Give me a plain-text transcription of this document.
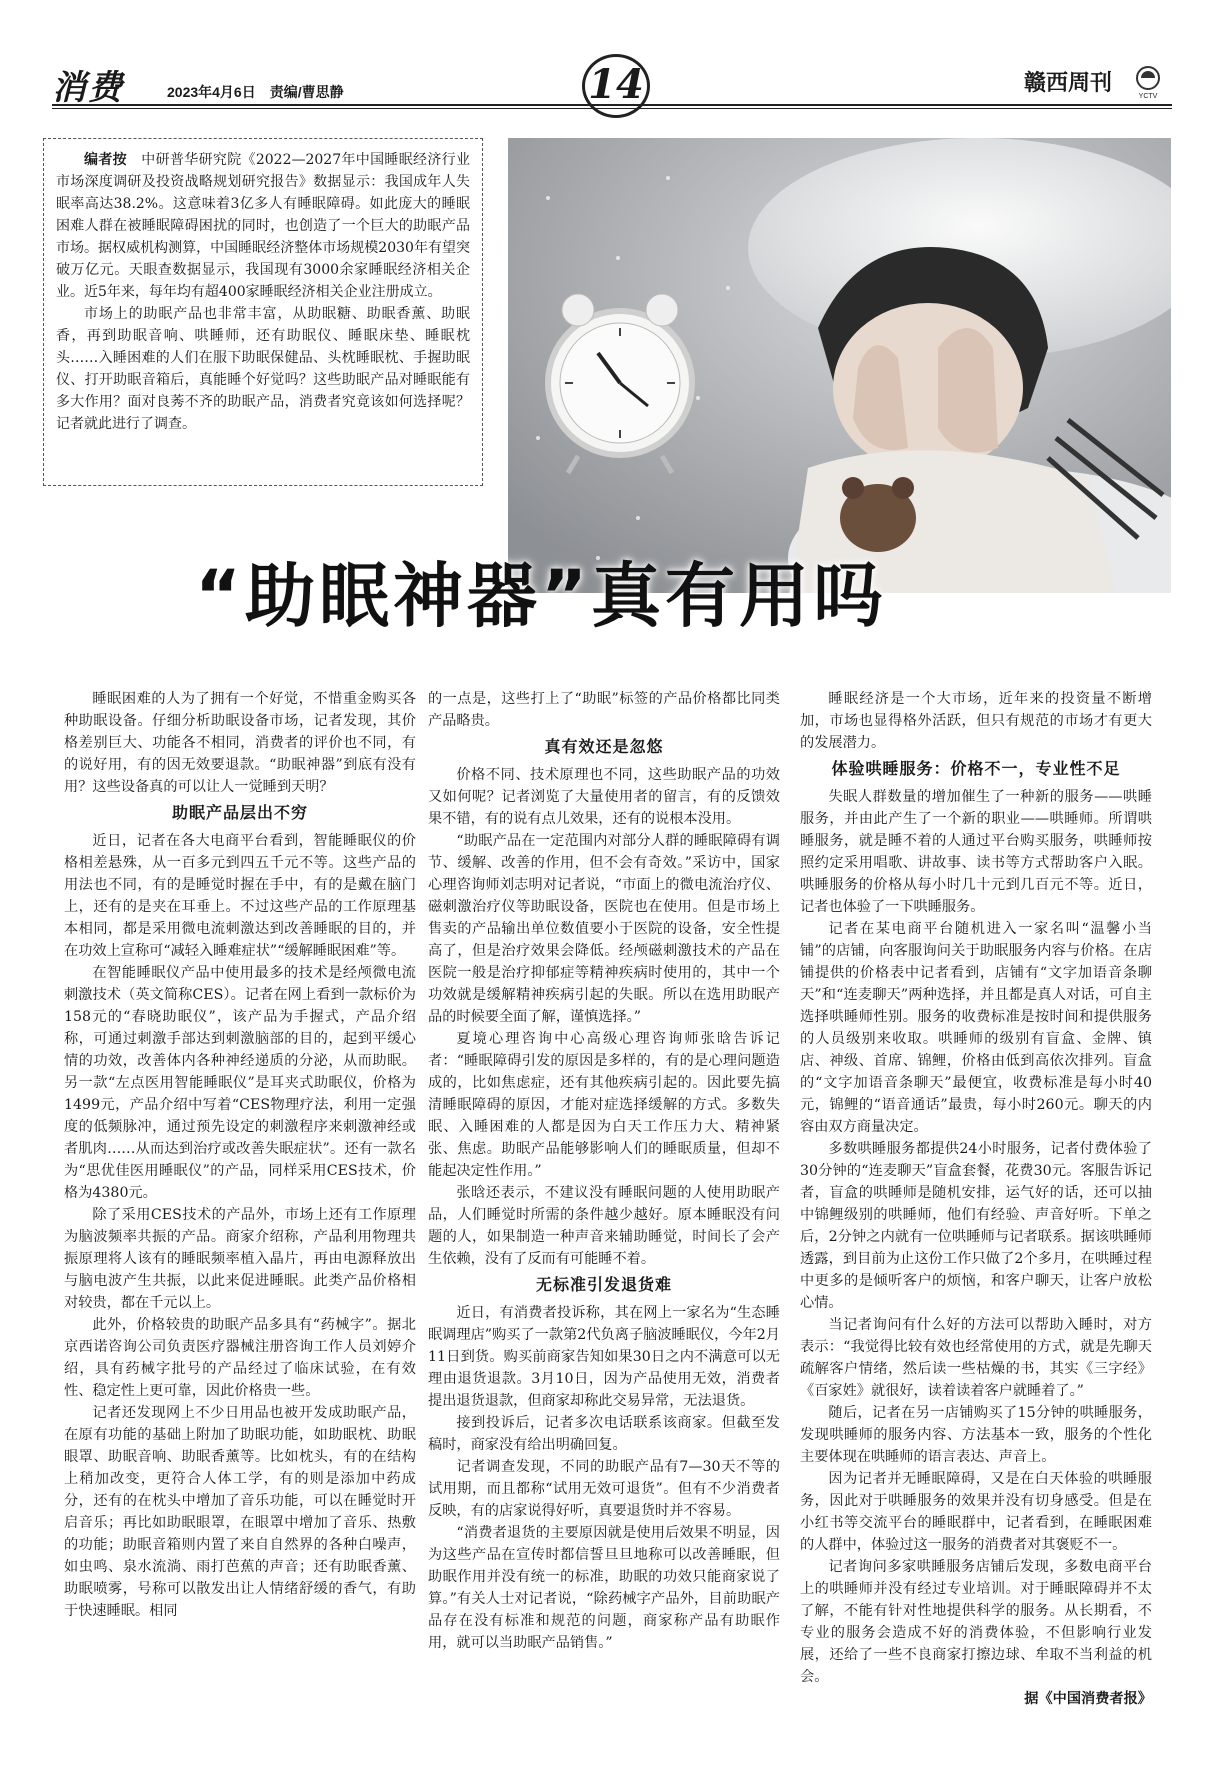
消费	2023年4月6日　责编/曹思静	14	赣西周刊
YCTV

编者按　 中研普华研究院《2022—2027年中国睡眠经济行业市场深度调研及投资战略规划研究报告》数据显示：我国成年人失眠率高达38.2%。这意味着3亿多人有睡眠障碍。如此庞大的睡眠困难人群在被睡眠障碍困扰的同时，也创造了一个巨大的助眠产品市场。据权威机构测算，中国睡眠经济整体市场规模2030年有望突破万亿元。天眼查数据显示，我国现有3000余家睡眠经济相关企业。近5年来，每年均有超400家睡眠经济相关企业注册成立。

市场上的助眠产品也非常丰富，从助眠糖、助眠香薰、助眠香，再到助眠音响、哄睡师，还有助眠仪、睡眠床垫、睡眠枕头……入睡困难的人们在服下助眠保健品、头枕睡眠枕、手握助眠仪、打开助眠音箱后，真能睡个好觉吗？这些助眠产品对睡眠能有多大作用？面对良莠不齐的助眠产品，消费者究竟该如何选择呢？记者就此进行了调查。

“助眠神器”真有用吗

睡眠困难的人为了拥有一个好觉，不惜重金购买各种助眠设备。仔细分析助眠设备市场，记者发现，其价格差别巨大、功能各不相同，消费者的评价也不同，有的说好用，有的因无效要退款。“助眠神器”到底有没有用？这些设备真的可以让人一觉睡到天明？

助眠产品层出不穷

近日，记者在各大电商平台看到，智能睡眠仪的价格相差悬殊，从一百多元到四五千元不等。这些产品的用法也不同，有的是睡觉时握在手中，有的是戴在脑门上，还有的是夹在耳垂上。不过这些产品的工作原理基本相同，都是采用微电流刺激达到改善睡眠的目的，并在功效上宣称可“减轻入睡难症状”“缓解睡眠困难”等。

在智能睡眠仪产品中使用最多的技术是经颅微电流刺激技术（英文简称CES）。记者在网上看到一款标价为158元的“春晓助眠仪”，该产品为手握式，产品介绍称，可通过刺激手部达到刺激脑部的目的，起到平缓心情的功效，改善体内各种神经递质的分泌，从而助眠。另一款“左点医用智能睡眠仪”是耳夹式助眠仪，价格为1499元，产品介绍中写着“CES物理疗法，利用一定强度的低频脉冲，通过预先设定的刺激程序来刺激神经或者肌肉……从而达到治疗或改善失眠症状”。还有一款名为“思优佳医用睡眠仪”的产品，同样采用CES技术，价格为4380元。

除了采用CES技术的产品外，市场上还有工作原理为脑波频率共振的产品。商家介绍称，产品利用物理共振原理将人该有的睡眠频率植入晶片，再由电源释放出与脑电波产生共振，以此来促进睡眠。此类产品价格相对较贵，都在千元以上。

此外，价格较贵的助眠产品多具有“药械字”。据北京西诺咨询公司负责医疗器械注册咨询工作人员刘婷介绍，具有药械字批号的产品经过了临床试验，在有效性、稳定性上更可靠，因此价格贵一些。

记者还发现网上不少日用品也被开发成助眠产品，在原有功能的基础上附加了助眠功能，如助眠枕、助眠眼罩、助眠音响、助眠香薰等。比如枕头，有的在结构上稍加改变，更符合人体工学，有的则是添加中药成分，还有的在枕头中增加了音乐功能，可以在睡觉时开启音乐；再比如助眠眼罩，在眼罩中增加了音乐、热敷的功能；助眠音箱则内置了来自自然界的各种白噪声，如虫鸣、泉水流淌、雨打芭蕉的声音；还有助眠香薰、助眠喷雾，号称可以散发出让人情绪舒缓的香气，有助于快速睡眠。相同

的一点是，这些打上了“助眠”标签的产品价格都比同类产品略贵。

真有效还是忽悠

价格不同、技术原理也不同，这些助眠产品的功效又如何呢？记者浏览了大量使用者的留言，有的反馈效果不错，有的说有点儿效果，还有的说根本没用。

“助眠产品在一定范围内对部分人群的睡眠障碍有调节、缓解、改善的作用，但不会有奇效。”采访中，国家心理咨询师刘志明对记者说，“市面上的微电流治疗仪、磁刺激治疗仪等助眠设备，医院也在使用。但是市场上售卖的产品输出单位数值要小于医院的设备，安全性提高了，但是治疗效果会降低。经颅磁刺激技术的产品在医院一般是治疗抑郁症等精神疾病时使用的，其中一个功效就是缓解精神疾病引起的失眠。所以在选用助眠产品的时候要全面了解，谨慎选择。”

夏境心理咨询中心高级心理咨询师张晗告诉记者：“睡眠障碍引发的原因是多样的，有的是心理问题造成的，比如焦虑症，还有其他疾病引起的。因此要先搞清睡眠障碍的原因，才能对症选择缓解的方式。多数失眠、入睡困难的人都是因为白天工作压力大、精神紧张、焦虑。助眠产品能够影响人们的睡眠质量，但却不能起决定性作用。”

张晗还表示，不建议没有睡眠问题的人使用助眠产品，人们睡觉时所需的条件越少越好。原本睡眠没有问题的人，如果制造一种声音来辅助睡觉，时间长了会产生依赖，没有了反而有可能睡不着。

无标准引发退货难

近日，有消费者投诉称，其在网上一家名为“生态睡眠调理店”购买了一款第2代负离子脑波睡眠仪，今年2月11日到货。购买前商家告知如果30日之内不满意可以无理由退货退款。3月10日，因为产品使用无效，消费者提出退货退款，但商家却称此交易异常，无法退货。

接到投诉后，记者多次电话联系该商家。但截至发稿时，商家没有给出明确回复。

记者调查发现，不同的助眠产品有7—30天不等的试用期，而且都称“试用无效可退货”。但有不少消费者反映，有的店家说得好听，真要退货时并不容易。

“消费者退货的主要原因就是使用后效果不明显，因为这些产品在宣传时都信誓旦旦地称可以改善睡眠，但助眠作用并没有统一的标准，助眠的功效只能商家说了算。”有关人士对记者说，“除药械字产品外，目前助眠产品存在没有标准和规范的问题，商家称产品有助眠作用，就可以当助眠产品销售。”

睡眠经济是一个大市场，近年来的投资量不断增加，市场也显得格外活跃，但只有规范的市场才有更大的发展潜力。

体验哄睡服务：价格不一，专业性不足

失眠人群数量的增加催生了一种新的服务——哄睡服务，并由此产生了一个新的职业——哄睡师。所谓哄睡服务，就是睡不着的人通过平台购买服务，哄睡师按照约定采用唱歌、讲故事、读书等方式帮助客户入眠。哄睡服务的价格从每小时几十元到几百元不等。近日，记者也体验了一下哄睡服务。

记者在某电商平台随机进入一家名叫“温馨小当铺”的店铺，向客服询问关于助眠服务内容与价格。在店铺提供的价格表中记者看到，店铺有“文字加语音条聊天”和“连麦聊天”两种选择，并且都是真人对话，可自主选择哄睡师性别。服务的收费标准是按时间和提供服务的人员级别来收取。哄睡师的级别有盲盒、金牌、镇店、神级、首席、锦鲤，价格由低到高依次排列。盲盒的“文字加语音条聊天”最便宜，收费标准是每小时40元，锦鲤的“语音通话”最贵，每小时260元。聊天的内容由双方商量决定。

多数哄睡服务都提供24小时服务，记者付费体验了30分钟的“连麦聊天”盲盒套餐，花费30元。客服告诉记者，盲盒的哄睡师是随机安排，运气好的话，还可以抽中锦鲤级别的哄睡师，他们有经验、声音好听。下单之后，2分钟之内就有一位哄睡师与记者联系。据该哄睡师透露，到目前为止这份工作只做了2个多月，在哄睡过程中更多的是倾听客户的烦恼，和客户聊天，让客户放松心情。

当记者询问有什么好的方法可以帮助入睡时，对方表示：“我觉得比较有效也经常使用的方式，就是先聊天疏解客户情绪，然后读一些枯燥的书，其实《三字经》《百家姓》就很好，读着读着客户就睡着了。”

随后，记者在另一店铺购买了15分钟的哄睡服务，发现哄睡师的服务内容、方法基本一致，服务的个性化主要体现在哄睡师的语言表达、声音上。

因为记者并无睡眠障碍，又是在白天体验的哄睡服务，因此对于哄睡服务的效果并没有切身感受。但是在小红书等交流平台的睡眠群中，记者看到，在睡眠困难的人群中，体验过这一服务的消费者对其褒贬不一。

记者询问多家哄睡服务店铺后发现，多数电商平台上的哄睡师并没有经过专业培训。对于睡眠障碍并不太了解，不能有针对性地提供科学的服务。从长期看，不专业的服务会造成不好的消费体验，不但影响行业发展，还给了一些不良商家打擦边球、牟取不当利益的机会。

据《中国消费者报》
